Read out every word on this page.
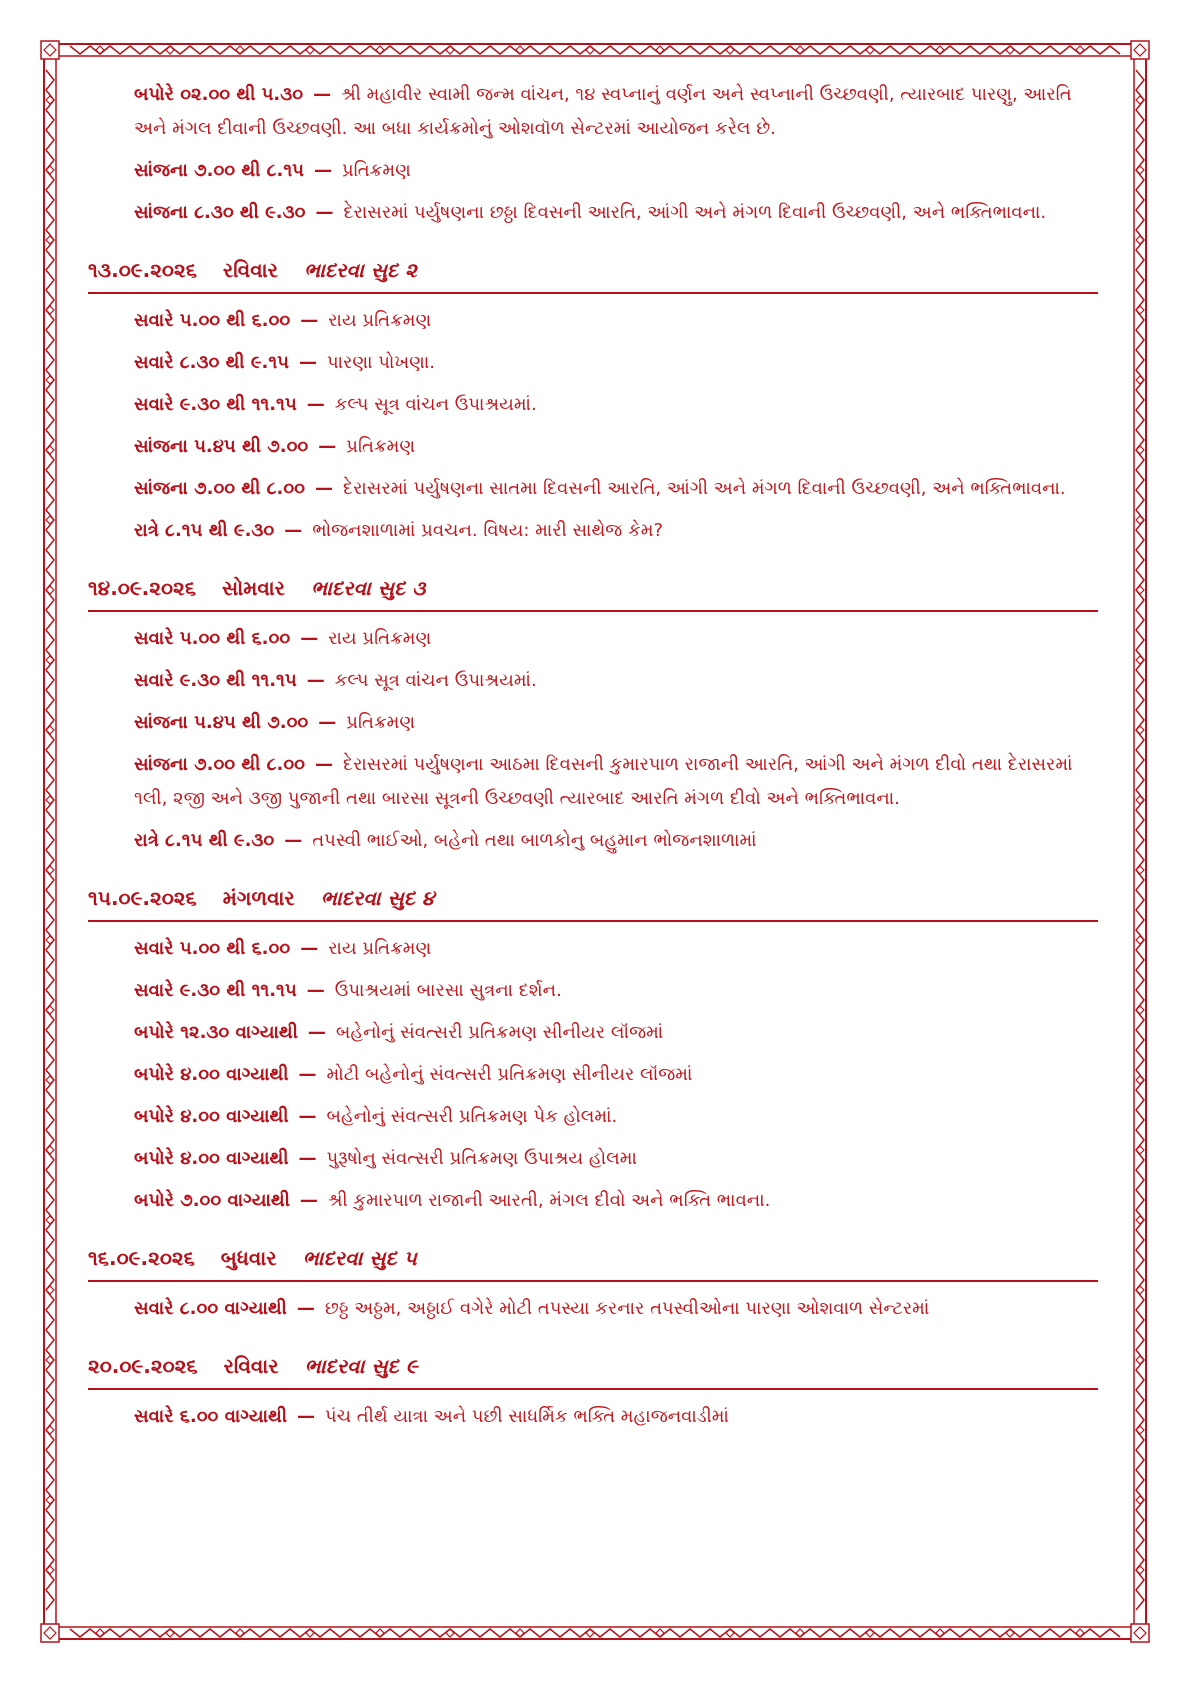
બપોરે ૦૨.૦૦ થી ૫.૩૦ — શ્રી મહાવીર સ્વામી જન્મ વાંચન, ૧૪ સ્વપ્નાનું વર્ણન અને સ્વપ્નાની ઉચ્છવણી, ત્યારબાદ પારણુ, આરતિ અને મંગલ દીવાની ઉચ્છવણી. આ બધા કાર્યક્રમોનું ઓશવૉળ સેન્ટરમાં આયોજન કરેલ છે.
સાંજના ૭.૦૦ થી ૮.૧૫ — પ્રતિક્રમણ
સાંજના ૮.૩૦ થી ૯.૩૦ — દેરાસરમાં પર્યુષણના છઠ્ઠા દિવસની આરતિ, આંગી અને મંગળ દિવાની ઉચ્છવણી, અને ભક્તિભાવના.
૧૩.૦૯.૨૦૨૬ રવિવાર ભાદરવા સુદ ૨
સવારે ૫.૦૦ થી ૬.૦૦ — રાય પ્રતિક્રમણ
સવારે ૮.૩૦ થી ૯.૧૫ — પારણા પોખણા.
સવારે ૯.૩૦ થી ૧૧.૧૫ — કલ્પ સૂત્ર વાંચન ઉપાશ્રયમાં.
સાંજના ૫.૪૫ થી ૭.૦૦ — પ્રતિક્રમણ
સાંજના ૭.૦૦ થી ૮.૦૦ — દેરાસરમાં પર્યુષણના સાતમા દિવસની આરતિ, આંગી અને મંગળ દિવાની ઉચ્છવણી, અને ભક્તિભાવના.
રાત્રે ૮.૧૫ થી ૯.૩૦ — ભોજનશાળામાં પ્રવચન. વિષય: મારી સાથેજ કેમ?
૧૪.૦૯.૨૦૨૬ સોમવાર ભાદરવા સુદ ૩
સવારે ૫.૦૦ થી ૬.૦૦ — રાય પ્રતિક્રમણ
સવારે ૯.૩૦ થી ૧૧.૧૫ — કલ્પ સૂત્ર વાંચન ઉપાશ્રયમાં.
સાંજના ૫.૪૫ થી ૭.૦૦ — પ્રતિક્રમણ
સાંજના ૭.૦૦ થી ૮.૦૦ — દેરાસરમાં પર્યુષણના આઠમા દિવસની કુમારપાળ રાજાની આરતિ, આંગી અને મંગળ દીવો તથા દેરાસરમાં ૧લી, ૨જી અને ૩જી પુજાની તથા બારસા સૂત્રની ઉચ્છવણી ત્યારબાદ આરતિ મંગળ દીવો અને ભક્તિભાવના.
રાત્રે ૮.૧૫ થી ૯.૩૦ — તપસ્વી ભાઈઓ, બહેનો તથા બાળકોનુ બહુમાન ભોજનશાળામાં
૧૫.૦૯.૨૦૨૬ મંગળવાર ભાદરવા સુદ ૪
સવારે ૫.૦૦ થી ૬.૦૦ — રાય પ્રતિક્રમણ
સવારે ૯.૩૦ થી ૧૧.૧૫ — ઉપાશ્રયમાં બારસા સુત્રના દર્શન.
બપોરે ૧૨.૩૦ વાગ્યાથી — બહેનોનું સંવત્સરી પ્રતિક્રમણ સીનીયર લૉંજમાં
બપોરે ૪.૦૦ વાગ્યાથી — મોટી બહેનોનું સંવત્સરી પ્રતિક્રમણ સીનીયર લૉંજમાં
બપોરે ૪.૦૦ વાગ્યાથી — બહેનોનું સંવત્સરી પ્રતિક્રમણ પેક હોલમાં.
બપોરે ૪.૦૦ વાગ્યાથી — પુરૂષોનુ સંવત્સરી પ્રતિક્રમણ ઉપાશ્રય હોલમા
બપોરે ૭.૦૦ વાગ્યાથી — શ્રી કુમારપાળ રાજાની આરતી, મંગલ દીવો અને ભક્તિ ભાવના.
૧૬.૦૯.૨૦૨૬ બુધવાર ભાદરવા સુદ ૫
સવારે ૮.૦૦ વાગ્યાથી — છઠ્ઠ અઠ્ઠમ, અઠ્ઠાઈ વગેરે મોટી તપસ્યા કરનાર તપસ્વીઓના પારણા ઓશવાળ સેન્ટરમાં
૨૦.૦૯.૨૦૨૬ રવિવાર ભાદરવા સુદ ૯
સવારે ૬.૦૦ વાગ્યાથી — પંચ તીર્થ યાત્રા અને પછી સાધર્મિક ભક્તિ મહાજનવાડીમાં
